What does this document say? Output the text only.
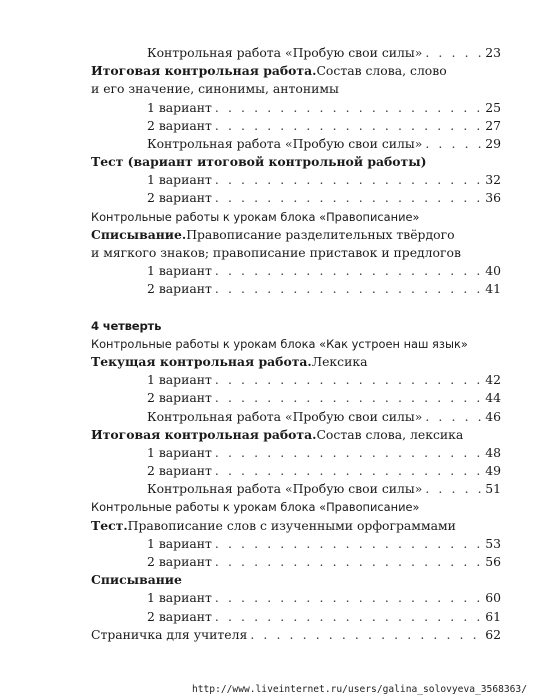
Контрольная работа «Пробую свои силы» . . .	23
Итоговая контрольная работа. Состав слова, слово
и его значение, синонимы, антонимы
1 вариант . . .	25
2 вариант . . .	27
Контрольная работа «Пробую свои силы» . . .	29
Тест (вариант итоговой контрольной работы)
1 вариант . . .	32
2 вариант . . .	36
Контрольные работы к урокам блока «Правописание»
Списывание. Правописание разделительных твёрдого
и мягкого знаков; правописание приставок и предлогов
1 вариант . . .	40
2 вариант . . .	41
4 четверть
Контрольные работы к урокам блока «Как устроен наш язык»
Текущая контрольная работа. Лексика
1 вариант . . .	42
2 вариант . . .	44
Контрольная работа «Пробую свои силы» . . .	46
Итоговая контрольная работа. Состав слова, лексика
1 вариант . . .	48
2 вариант . . .	49
Контрольная работа «Пробую свои силы» . . .	51
Контрольные работы к урокам блока «Правописание»
Тест. Правописание слов с изученными орфограммами
1 вариант . . .	53
2 вариант . . .	56
Списывание
1 вариант . . .	60
2 вариант . . .	61
Страничка для учителя . . .	62
http://www.liveinternet.ru/users/galina_solovyeva_3568363/
